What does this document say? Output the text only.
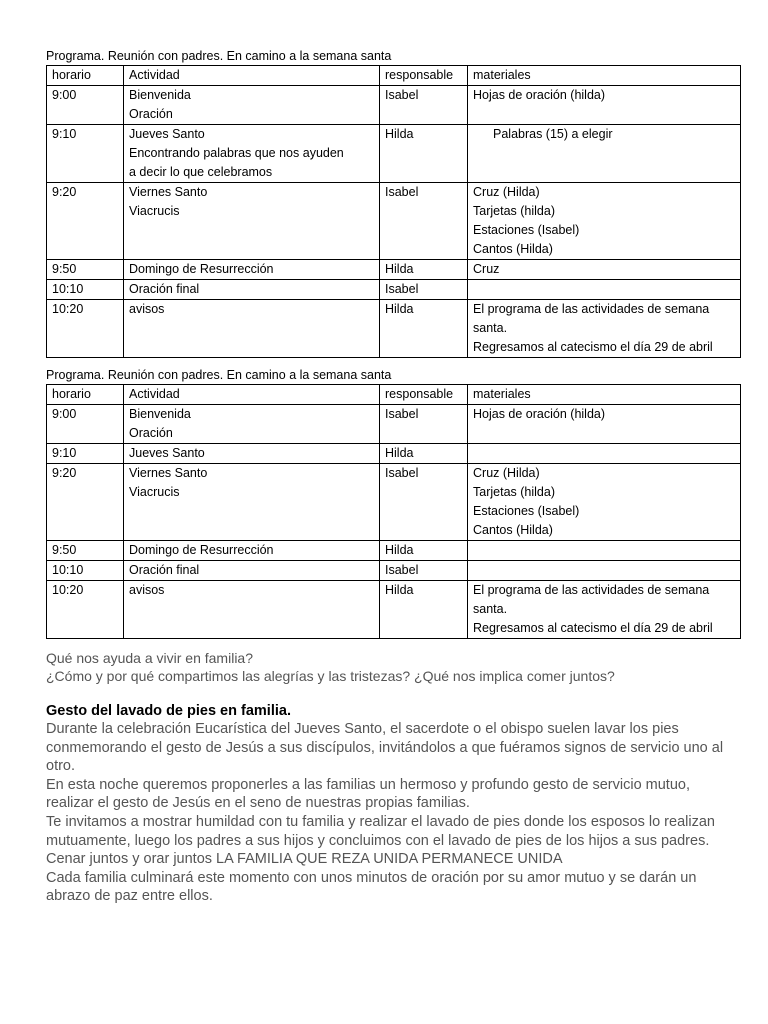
Programa. Reunión con padres. En camino a la semana santa
horario	Actividad	responsable	materiales
9:00	Bienvenida
Oración	Isabel	Hojas de oración (hilda)

9:10	Jueves Santo
Encontrando palabras que nos ayuden
a decir lo que celebramos	Hilda	Palabras (15) a elegir

9:20	Viernes Santo
Viacrucis	Isabel	Cruz (Hilda)
Tarjetas (hilda)
Estaciones (Isabel)
Cantos (Hilda)

9:50	Domingo de Resurrección	Hilda	Cruz
10:10	Oración final	Isabel	
10:20	avisos	Hilda	El programa de las actividades de semana
santa.
Regresamos al catecismo el día 29 de abril
Programa. Reunión con padres. En camino a la semana santa
horario	Actividad	responsable	materiales
9:00	Bienvenida
Oración	Isabel	Hojas de oración (hilda)
9:10	Jueves Santo	Hilda	
9:20	Viernes Santo
Viacrucis	Isabel	Cruz (Hilda)
Tarjetas (hilda)
Estaciones (Isabel)
Cantos (Hilda)

9:50	Domingo de Resurrección	Hilda	
10:10	Oración final	Isabel	
10:20	avisos	Hilda	El programa de las actividades de semana
santa.
Regresamos al catecismo el día 29 de abril
Qué nos ayuda a vivir en familia?
¿Cómo y por qué compartimos las alegrías y las tristezas? ¿Qué nos implica comer juntos?
Gesto del lavado de pies en familia.
Durante la celebración Eucarística del Jueves Santo, el sacerdote o el obispo suelen lavar los pies conmemorando el gesto de Jesús a sus discípulos, invitándolos a que fuéramos signos de servicio uno al otro.
En esta noche queremos proponerles a las familias un hermoso y profundo gesto de servicio mutuo, realizar el gesto de Jesús en el seno de nuestras propias familias.
Te invitamos a mostrar humildad con tu familia y realizar el lavado de pies donde los esposos lo realizan mutuamente, luego los padres a sus hijos y concluimos con el lavado de pies de los hijos a sus padres.
Cenar juntos y orar juntos LA FAMILIA QUE REZA UNIDA PERMANECE UNIDA
Cada familia culminará este momento con unos minutos de oración por su amor mutuo y se darán un abrazo de paz entre ellos.
